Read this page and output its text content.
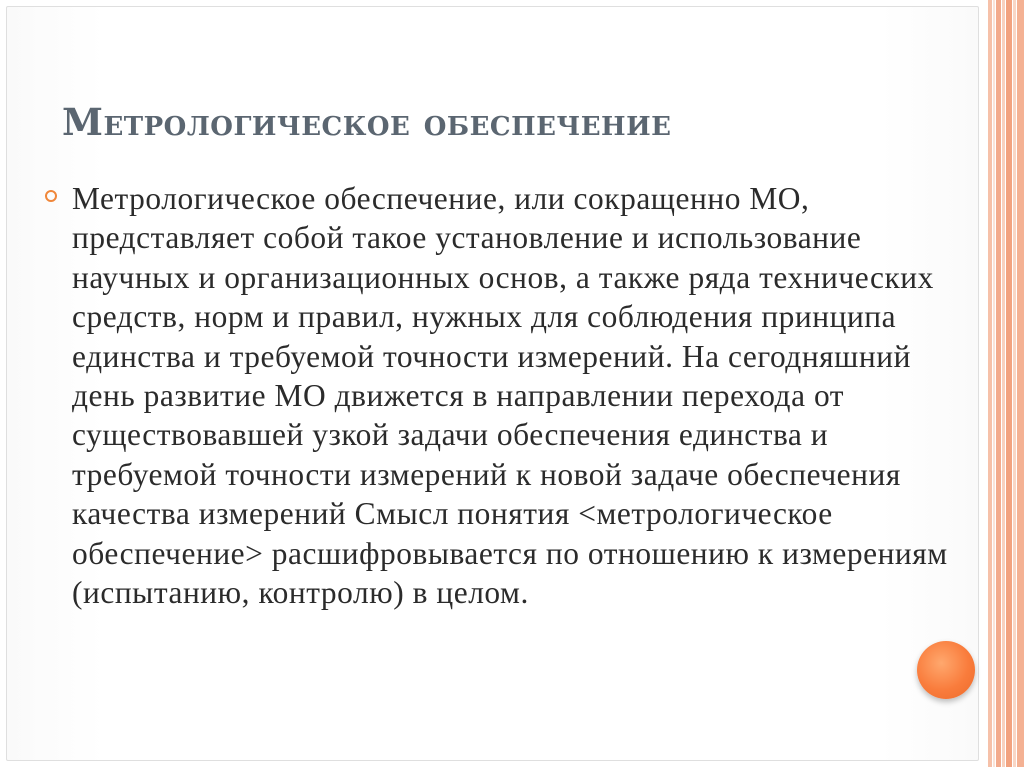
Метрологическое обеспечение

Метрологическое обеспечение, или сокращенно МО, представляет собой такое установление и использование научных и организационных основ, а также ряда технических средств, норм и правил, нужных для соблюдения принципа единства и требуемой точности измерений. На сегодняшний день развитие МО движется в направлении перехода от существовавшей узкой задачи обеспечения единства и требуемой точности измерений к новой задаче обеспечения качества измерений Смысл понятия <метрологическое обеспечение> расшифровывается по отношению к измерениям (испытанию, контролю) в целом.
